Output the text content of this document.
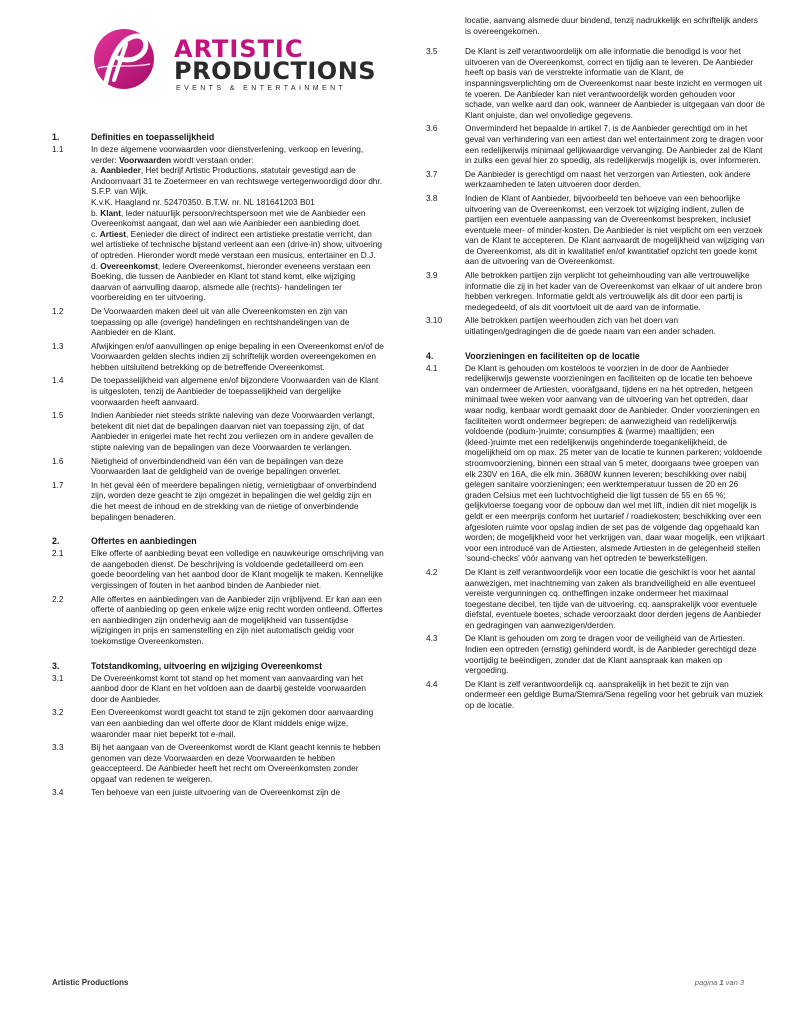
ARTISTIC
PRODUCTIONS
EVENTS & ENTERTAINMENT
1.	Definities en toepasselijkheid
1.1	In deze algemene voorwaarden voor dienstverlening, verkoop en levering, verder: Voorwaarden wordt verstaan onder:

a. Aanbieder, Het bedrijf Artistic Productions, statutair gevestigd aan de Andoornvaart 31 te Zoetermeer en van rechtswege vertegenwoordigd door dhr. S.F.P. van Wijk.

K.v.K. Haagland nr. 52470350. B.T.W. nr. NL 181641203 B01

b. Klant, Ieder natuurlijk persoon/rechtspersoon met wie de Aanbieder een Overeenkomst aangaat, dan wel aan wie Aanbieder een aanbieding doet.

c. Artiest, Eenieder die direct of indirect een artistieke prestatie verricht, dan wel artistieke of technische bijstand verleent aan een (drive-in) show, uitvoering of optreden. Hieronder wordt mede verstaan een musicus, entertainer en D.J.

d. Overeenkomst, Iedere Overeenkomst, hieronder eveneens verstaan een Boeking, die tussen de Aanbieder en Klant tot stand komt, elke wijziging daarvan of aanvulling daarop, alsmede alle (rechts)- handelingen ter voorbereiding en ter uitvoering.

1.2	De Voorwaarden maken deel uit van alle Overeenkomsten en zijn van toepassing op alle (overige) handelingen en rechtshandelingen van de Aanbieder en de Klant.
1.3	Afwijkingen en/of aanvullingen op enige bepaling in een Overeenkomst en/of de Voorwaarden gelden slechts indien zij schriftelijk worden overeengekomen en hebben uitsluitend betrekking op de betreffende Overeenkomst.
1.4	De toepasselijkheid van algemene en/of bijzondere Voorwaarden van de Klant is uitgesloten, tenzij de Aanbieder de toepasselijkheid van dergelijke voorwaarden heeft aanvaard.
1.5	Indien Aanbieder niet steeds strikte naleving van deze Voorwaarden verlangt, betekent dit niet dat de bepalingen daarvan niet van toepassing zijn, of dat Aanbieder in enigerlei mate het recht zou verliezen om in andere gevallen de stipte naleving van de bepalingen van deze Voorwaarden te verlangen.
1.6	Nietigheid of onverbindendheid van één van de bepalingen van deze Voorwaarden laat de geldigheid van de overige bepalingen onverlet.
1.7	In het geval één of meerdere bepalingen nietig, vernietigbaar of onverbindend zijn, worden deze geacht te zijn omgezet in bepalingen die wel geldig zijn en die het meest de inhoud en de strekking van de nietige of onverbindende bepalingen benaderen.
2.	Offertes en aanbiedingen
2.1	Elke offerte of aanbieding bevat een volledige en nauwkeurige omschrijving van de aangeboden dienst. De beschrijving is voldoende gedetailleerd om een goede beoordeling van het aanbod door de Klant mogelijk te maken. Kennelijke vergissingen of fouten in het aanbod binden de Aanbieder niet.
2.2	Alle offertes en aanbiedingen van de Aanbieder zijn vrijblijvend. Er kan aan een offerte of aanbieding op geen enkele wijze enig recht worden ontleend. Offertes en aanbiedingen zijn onderhevig aan de mogelijkheid van tussentijdse wijzigingen in prijs en samenstelling en zijn niet automatisch geldig voor toekomstige Overeenkomsten.
3.	Totstandkoming, uitvoering en wijziging Overeenkomst
3.1	De Overeenkomst komt tot stand op het moment van aanvaarding van het aanbod door de Klant en het voldoen aan de daarbij gestelde voorwaarden door de Aanbieder.
3.2	Een Overeenkomst wordt geacht tot stand te zijn gekomen door aanvaarding van een aanbieding dan wel offerte door de Klant middels enige wijze, waaronder maar niet beperkt tot e-mail.
3.3	Bij het aangaan van de Overeenkomst wordt de Klant geacht kennis te hebben genomen van deze Voorwaarden en deze Voorwaarden te hebben geaccepteerd. De Aanbieder heeft het recht om Overeenkomsten zonder opgaaf van redenen te weigeren.
3.4	Ten behoeve van een juiste uitvoering van de Overeenkomst zijn de

locatie, aanvang alsmede duur bindend, tenzij nadrukkelijk en schriftelijk anders is overeengekomen.

3.5	De Klant is zelf verantwoordelijk om alle informatie die benodigd is voor het uitvoeren van de Overeenkomst, correct en tijdig aan te leveren. De Aanbieder heeft op basis van de verstrekte informatie van de Klant, de inspanningsverplichting om de Overeenkomst naar beste inzicht en vermogen uit te voeren. De Aanbieder kan niet verantwoordelijk worden gehouden voor schade, van welke aard dan ook, wanneer de Aanbieder is uitgegaan van door de Klant onjuiste, dan wel onvolledige gegevens.
3.6	Onverminderd het bepaalde in artikel 7, is de Aanbieder gerechtigd om in het geval van verhindering van een artiest dan wel entertainment zorg te dragen voor een redelijkerwijs minimaal gelijkwaardige vervanging. De Aanbieder zal de Klant in zulks een geval hier zo spoedig, als redelijkerwijs mogelijk is, over informeren.
3.7	De Aanbieder is gerechtigd om naast het verzorgen van Artiesten, ook andere werkzaamheden te laten uitvoeren door derden.
3.8	Indien de Klant of Aanbieder, bijvoorbeeld ten behoeve van een behoorlijke uitvoering van de Overeenkomst, een verzoek tot wijziging indient, zullen de partijen een eventuele aanpassing van de Overeenkomst bespreken, inclusief eventuele meer- of minder-kosten. De Aanbieder is niet verplicht om een verzoek van de Klant te accepteren. De Klant aanvaardt de mogelijkheid van wijziging van de Overeenkomst, als dit in kwalitatief en/of kwantitatief opzicht ten goede komt aan de uitvoering van de Overeenkomst.
3.9	Alle betrokken partijen zijn verplicht tot geheimhouding van alle vertrouwelijke informatie die zij in het kader van de Overeenkomst van elkaar of uit andere bron hebben verkregen. Informatie geldt als vertrouwelijk als dit door een partij is medegedeeld, of als dit voortvloeit uit de aard van de informatie.
3.10	Alle betrokken partijen weerhouden zich van het doen van uitlatingen/gedragingen die de goede naam van een ander schaden.
4.	Voorzieningen en faciliteiten op de locatie
4.1	De Klant is gehouden om kosteloos te voorzien in de door de Aanbieder redelijkerwijs gewenste voorzieningen en faciliteiten op de locatie ten behoeve van ondermeer de Artiesten, voorafgaand, tijdens en na het optreden, hetgeen minimaal twee weken voor aanvang van de uitvoering van het optreden, daar waar nodig, kenbaar wordt gemaakt door de Aanbieder. Onder voorzieningen en faciliteiten wordt ondermeer begrepen: de aanwezigheid van redelijkerwijs voldoende (podium-)ruimte; consumpties & (warme) maaltijden; een (kleed-)ruimte met een redelijkerwijs ongehinderde toegankelijkheid, de mogelijkheid om op max. 25 meter van de locatie te kunnen parkeren; voldoende stroomvoorziening, binnen een straal van 5 meter, doorgaans twee groepen van elk 230V en 16A, die elk min. 3680W kunnen leveren; beschikking over nabij gelegen sanitaire voorzieningen; een werktemperatuur tussen de 20 en 26 graden Celsius met een luchtvochtigheid die ligt tussen de 55 en 65 %; gelijkvloerse toegang voor de opbouw dan wel met lift, indien dit niet mogelijk is geldt er een meerprijs conform het uurtarief / roadiekosten; beschikking over een afgesloten ruimte voor opslag indien de set pas de volgende dag opgehaald kan worden; de mogelijkheid voor het verkrijgen van, daar waar mogelijk, een vrijkaart voor een introducé van de Artiesten, alsmede Artiesten in de gelegenheid stellen ‘sound-checks’ vóór aanvang van het optreden te bewerkstelligen.
4.2	De Klant is zelf verantwoordelijk voor een locatie die geschikt is voor het aantal aanwezigen, met inachtneming van zaken als brandveiligheid en alle eventueel vereiste vergunningen cq. ontheffingen inzake ondermeer het maximaal toegestane decibel, ten tijde van de uitvoering. cq. aansprakelijk voor eventuele diefstal, eventuele boetes, schade veroorzaakt door derden jegens de Aanbieder en gedragingen van aanwezigen/derden.
4.3	De Klant is gehouden om zorg te dragen voor de veiligheid van de Artiesten. Indien een optreden (ernstig) gehinderd wordt, is de Aanbieder gerechtigd deze voortijdig te beëindigen, zonder dat de Klant aanspraak kan maken op vergoeding.
4.4	De Klant is zelf verantwoordelijk cq. aansprakelijk in het bezit te zijn van ondermeer een geldige Buma/Stemra/Sena regeling voor het gebruik van muziek op de locatie.
Artistic Productions	pagina 1 van 3
